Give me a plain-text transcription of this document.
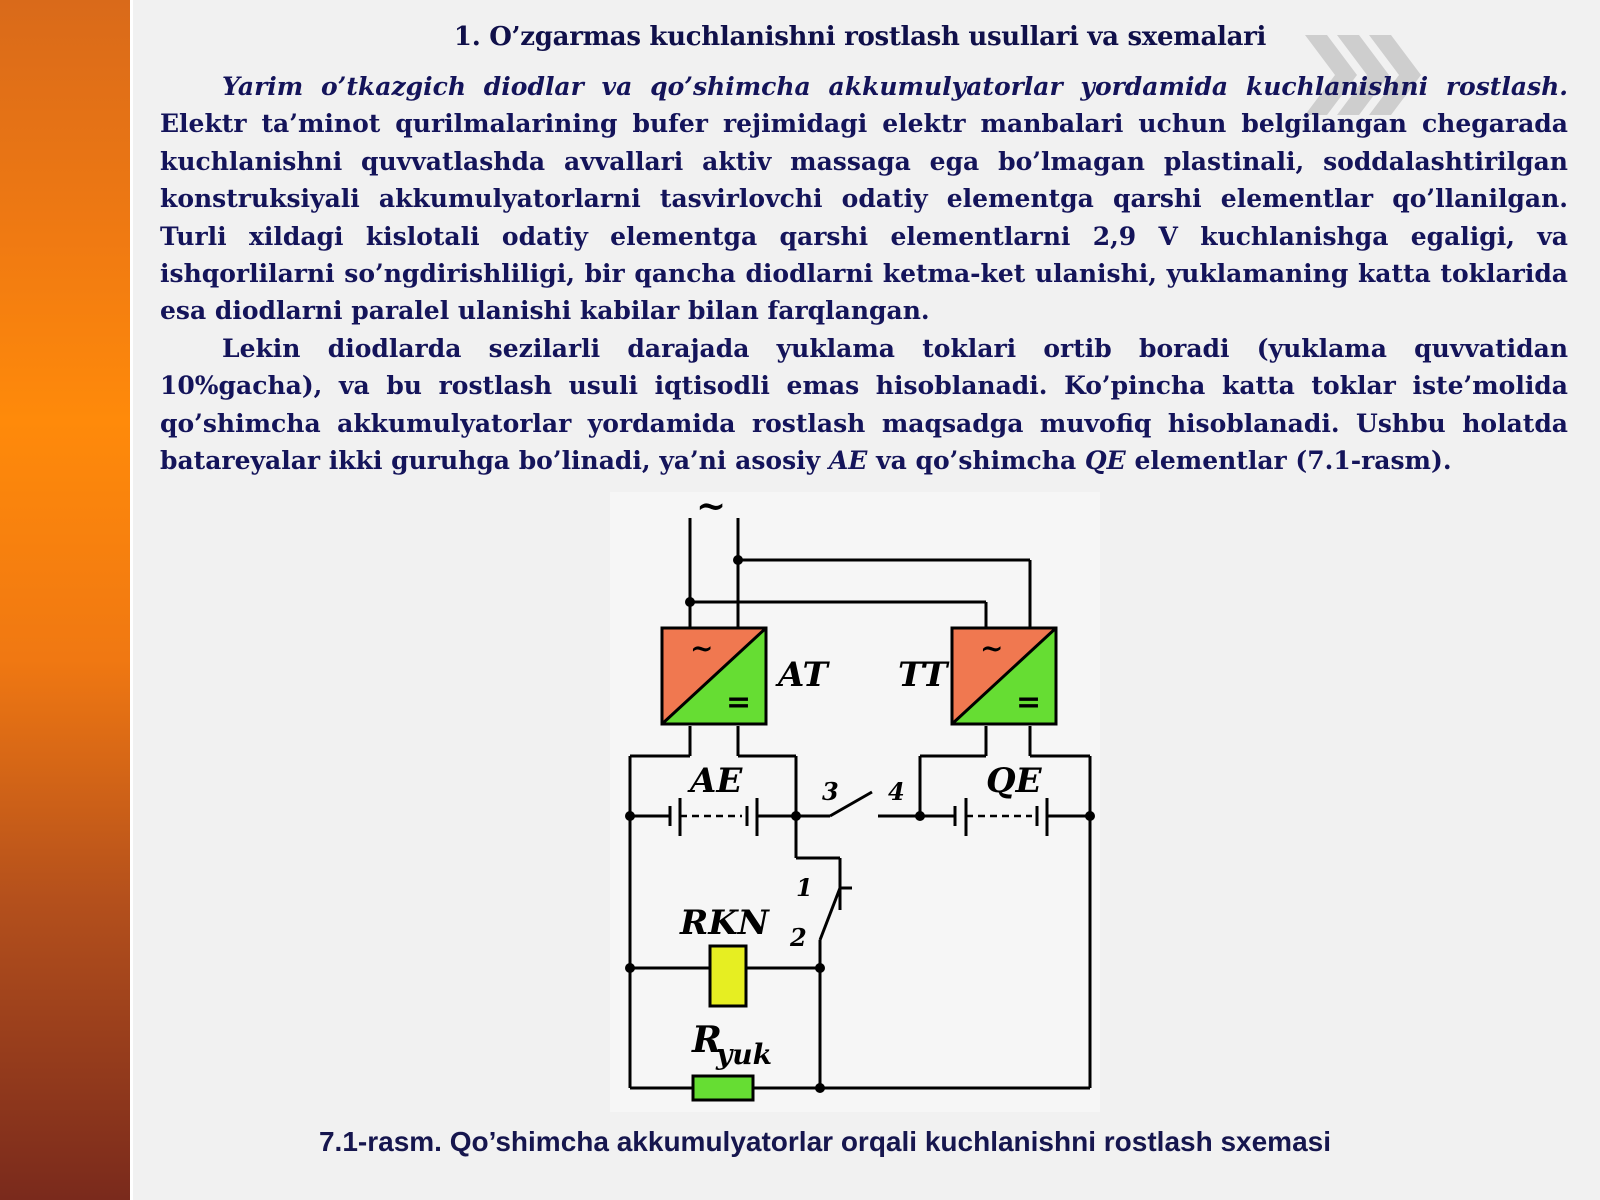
1. O’zgarmas kuchlanishni rostlash usullari va sxemalari

Yarim o’tkazgich diodlar va qo’shimcha akkumulyatorlar yordamida kuchlanishni rostlash. Elektr ta’minot qurilmalarining bufer rejimidagi elektr manbalari uchun belgilangan chegarada kuchlanishni quvvatlashda avvallari aktiv massaga ega bo’lmagan plastinali, soddalashtirilgan konstruksiyali akkumulyatorlarni tasvirlovchi odatiy elementga qarshi elementlar qo’llanilgan. Turli xildagi kislotali odatiy elementga qarshi elementlarni 2,9 V kuchlanishga egaligi, va ishqorlilarni so’ngdirishliligi, bir qancha diodlarni ketma-ket ulanishi, yuklamaning katta toklarida esa diodlarni paralel ulanishi kabilar bilan farqlangan.

Lekin diodlarda sezilarli darajada yuklama toklari ortib boradi (yuklama quvvatidan 10%gacha), va bu rostlash usuli iqtisodli emas hisoblanadi. Ko’pincha katta toklar iste’molida qo’shimcha akkumulyatorlar yordamida rostlash maqsadga muvofiq hisoblanadi. Ushbu holatda batareyalar ikki guruhga bo’linadi, ya’ni asosiy AE va qo’shimcha QE elementlar (7.1-rasm).

~
=
~
=
~
AT TT
AE	QE
3 4
1
2
RKN
R
yuk
7.1-rasm. Qo’shimcha akkumulyatorlar orqali kuchlanishni rostlash sxemasi
